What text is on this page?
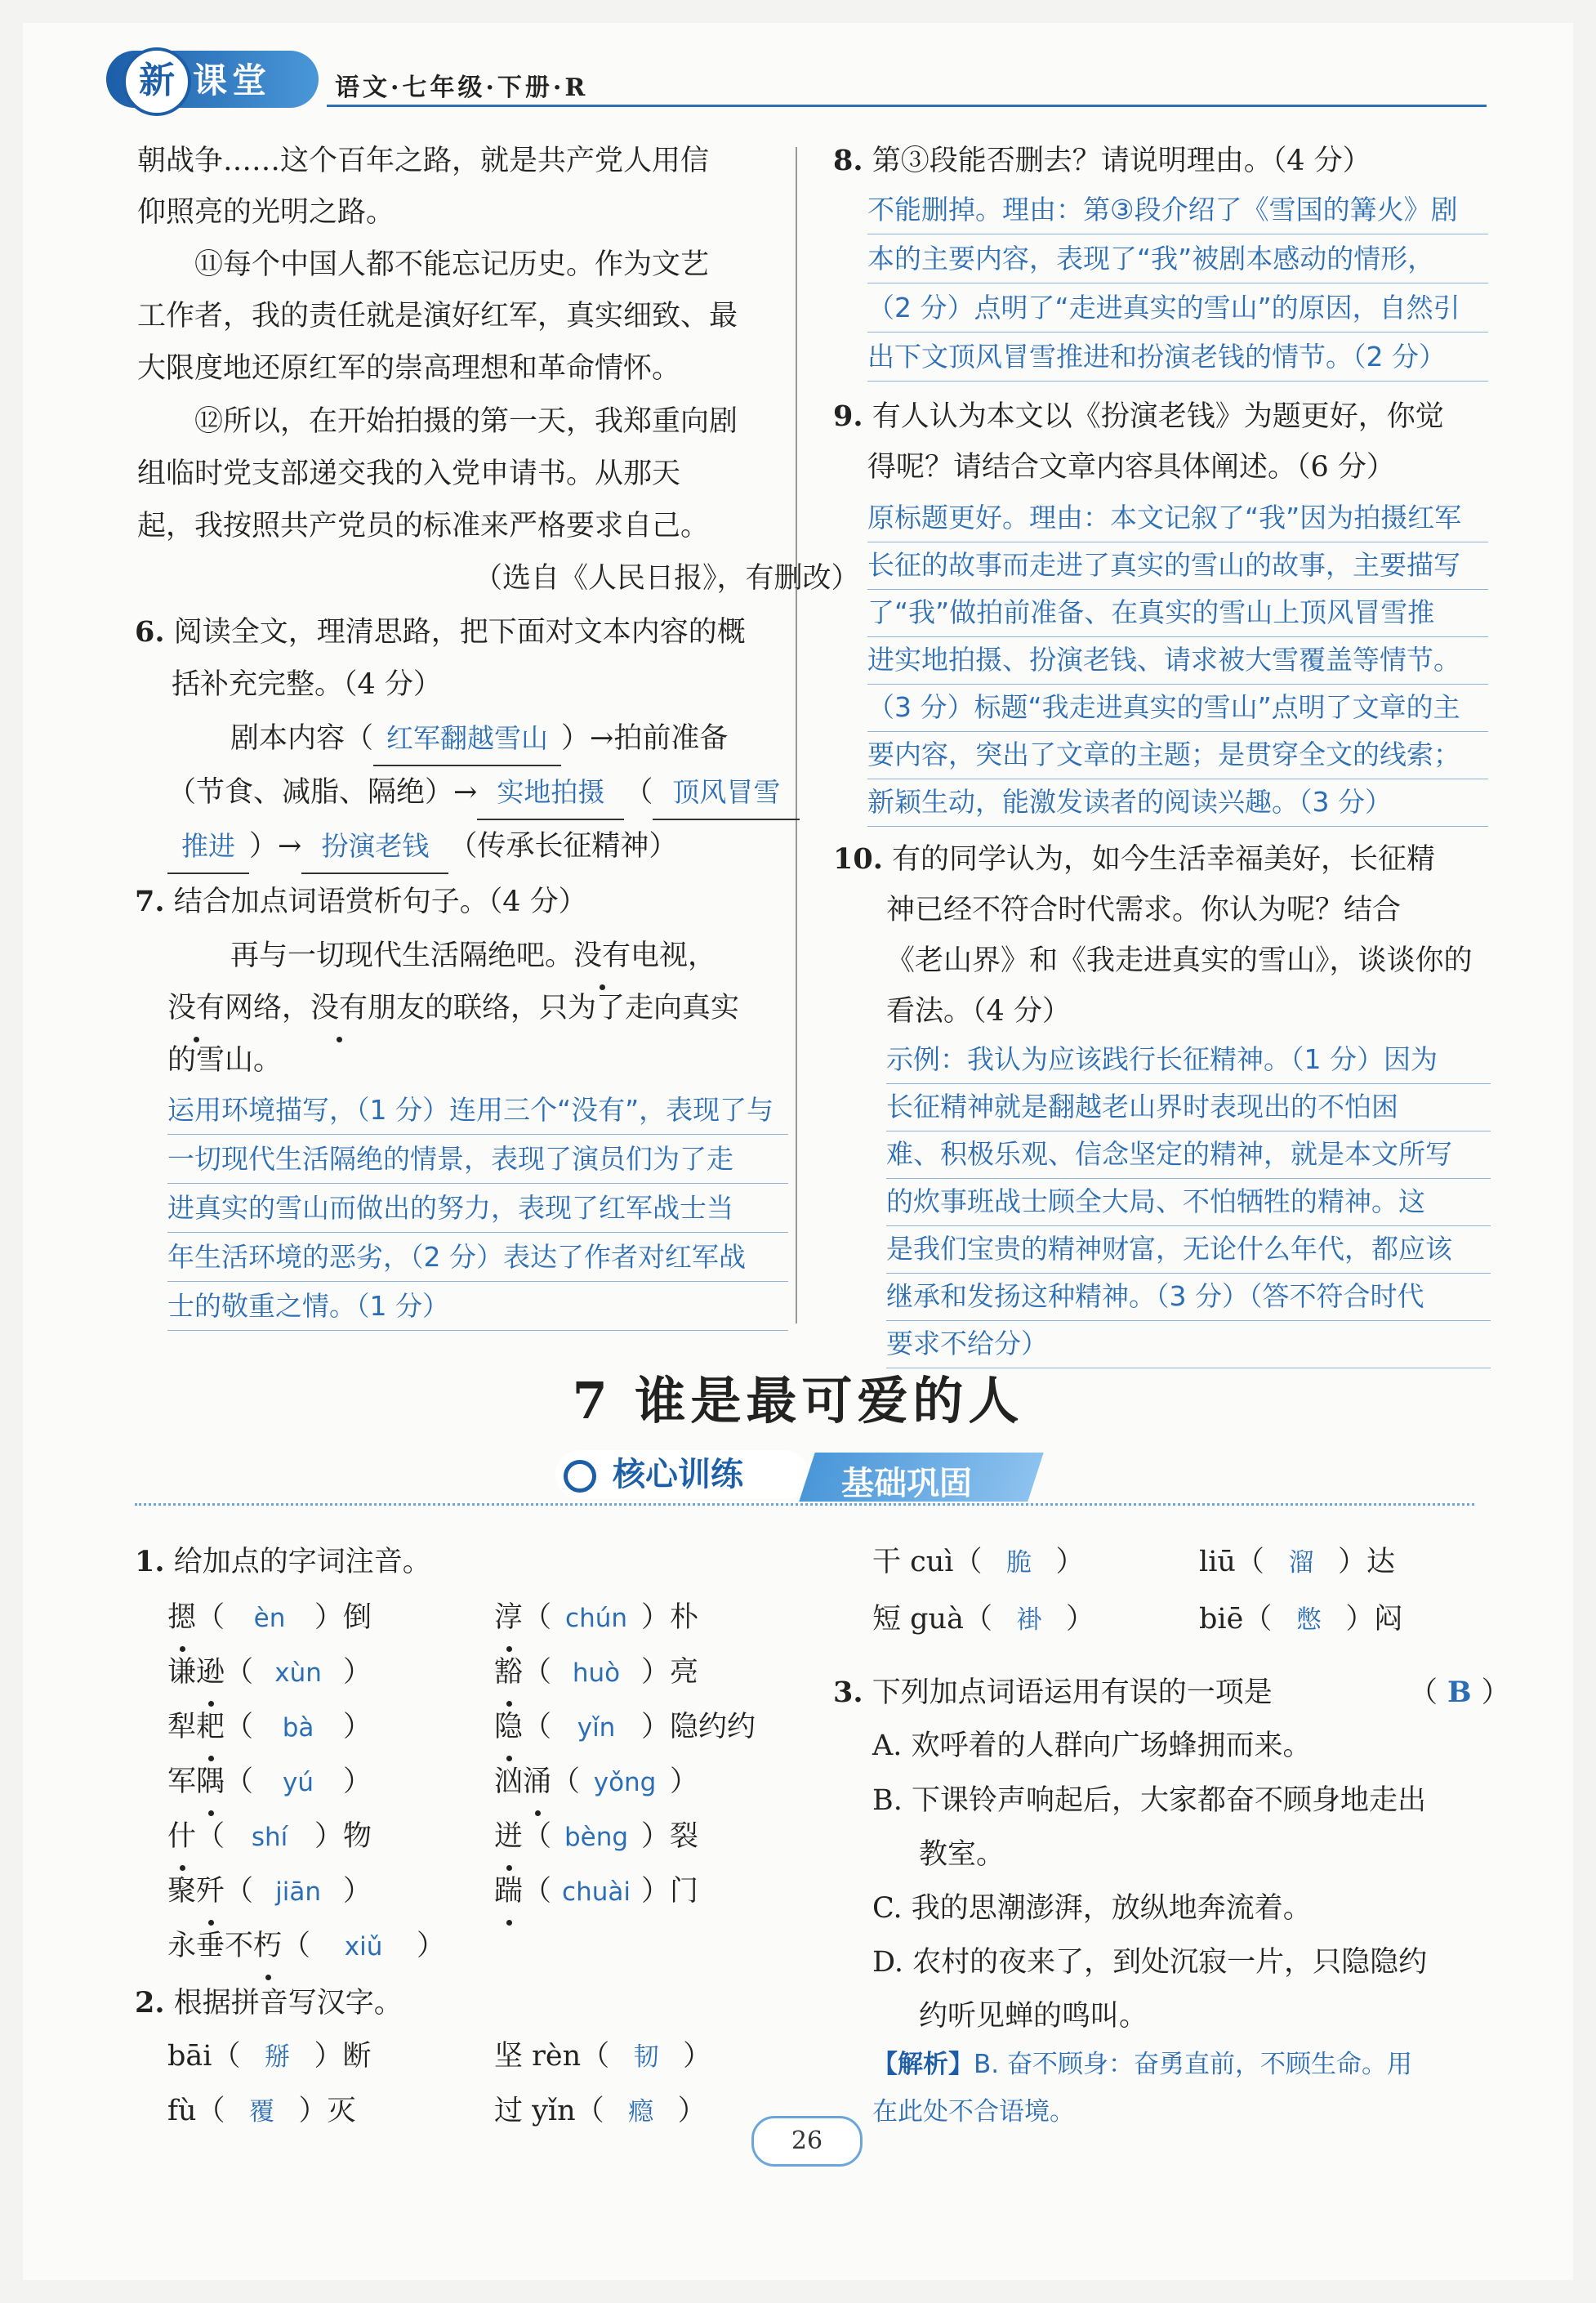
新 课堂	语文·七年级·下册·R
朝战争……这个百年之路，就是共产党人用信
仰照亮的光明之路。
⑪每个中国人都不能忘记历史。作为文艺
工作者，我的责任就是演好红军，真实细致、最
大限度地还原红军的崇高理想和革命情怀。
⑫所以，在开始拍摄的第一天，我郑重向剧
组临时党支部递交我的入党申请书。从那天
起，我按照共产党员的标准来严格要求自己。
（选自《人民日报》，有删改）
6. 阅读全文，理清思路，把下面对文本内容的概
括补充完整。（4 分）
剧本内容（ 红军翻越雪山 ）→拍前准备
（节食、减脂、隔绝）→ 实地拍摄 （ 顶风冒雪
推进 ）→ 扮演老钱 （传承长征精神）
7. 结合加点词语赏析句子。（4 分）
再与一切现代生活隔绝吧。没有电视，
没有网络，没有朋友的联络，只为了走向真实
的雪山。
运用环境描写，（1 分）连用三个“没有”，表现了与
一切现代生活隔绝的情景，表现了演员们为了走
进真实的雪山而做出的努力，表现了红军战士当
年生活环境的恶劣，（2 分）表达了作者对红军战
士的敬重之情。（1 分）
8. 第③段能否删去？请说明理由。（4 分）
不能删掉。理由：第③段介绍了《雪国的篝火》剧
本的主要内容，表现了“我”被剧本感动的情形，
（2 分）点明了“走进真实的雪山”的原因，自然引
出下文顶风冒雪推进和扮演老钱的情节。（2 分）
9. 有人认为本文以《扮演老钱》为题更好，你觉
得呢？请结合文章内容具体阐述。（6 分）
原标题更好。理由：本文记叙了“我”因为拍摄红军
长征的故事而走进了真实的雪山的故事，主要描写
了“我”做拍前准备、在真实的雪山上顶风冒雪推
进实地拍摄、扮演老钱、请求被大雪覆盖等情节。
（3 分）标题“我走进真实的雪山”点明了文章的主
要内容，突出了文章的主题；是贯穿全文的线索；
新颖生动，能激发读者的阅读兴趣。（3 分）
10. 有的同学认为，如今生活幸福美好，长征精
神已经不符合时代需求。你认为呢？结合
《老山界》和《我走进真实的雪山》，谈谈你的
看法。（4 分）
示例：我认为应该践行长征精神。（1 分）因为
长征精神就是翻越老山界时表现出的不怕困
难、积极乐观、信念坚定的精神，就是本文所写
的炊事班战士顾全大局、不怕牺牲的精神。这
是我们宝贵的精神财富，无论什么年代，都应该
继承和发扬这种精神。（3 分）（答不符合时代
要求不给分）
7 谁是最可爱的人
核心训练	基础巩固
1. 给加点的字词注音。
摁（ èn ）倒	淳（ chún ）朴
谦逊（ xùn ）	豁（ huò ）亮
犁耙（ bà ）	隐（ yǐn ）隐约约
军隅（ yú ）	汹涌（ yǒng ）
什（ shí ）物	迸（ bèng ）裂
聚歼（ jiān ）	踹（ chuài ）门
永垂不朽（ xiǔ ）
2. 根据拼音写汉字。
bāi（ 掰 ）断	坚 rèn（ 韧 ）
fù（ 覆 ）灭	过 yǐn（ 瘾 ）
干 cuì（ 脆 ）	liū（ 溜 ）达
短 guà（ 褂 ）	biē（ 憋 ）闷
3. 下列加点词语运用有误的一项是	（ B ）
A. 欢呼着的人群向广场蜂拥而来。
B. 下课铃声响起后，大家都奋不顾身地走出
教室。
C. 我的思潮澎湃，放纵地奔流着。
D. 农村的夜来了，到处沉寂一片，只隐隐约
约听见蝉的鸣叫。
【解析】B. 奋不顾身：奋勇直前，不顾生命。用
在此处不合语境。
26
